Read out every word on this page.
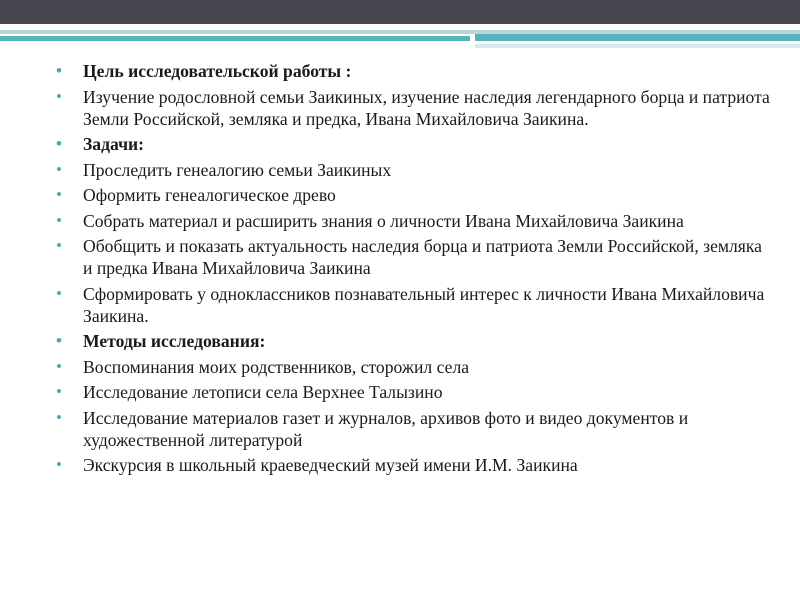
• Цель исследовательской работы :
• Изучение родословной семьи Заикиных, изучение наследия легендарного борца и патриота Земли Российской, земляка и предка, Ивана Михайловича Заикина.
• Задачи:
• Проследить генеалогию семьи Заикиных
• Оформить генеалогическое древо
• Собрать материал и расширить знания о личности Ивана Михайловича Заикина
• Обобщить и показать актуальность наследия борца и патриота Земли Российской, земляка и предка Ивана Михайловича Заикина
• Сформировать у одноклассников познавательный интерес к личности Ивана Михайловича Заикина.
• Методы исследования:
• Воспоминания моих родственников, сторожил села
• Исследование летописи села Верхнее Талызино
• Исследование материалов газет и журналов, архивов фото и видео документов и художественной литературой
• Экскурсия в школьный краеведческий музей имени И.М. Заикина
